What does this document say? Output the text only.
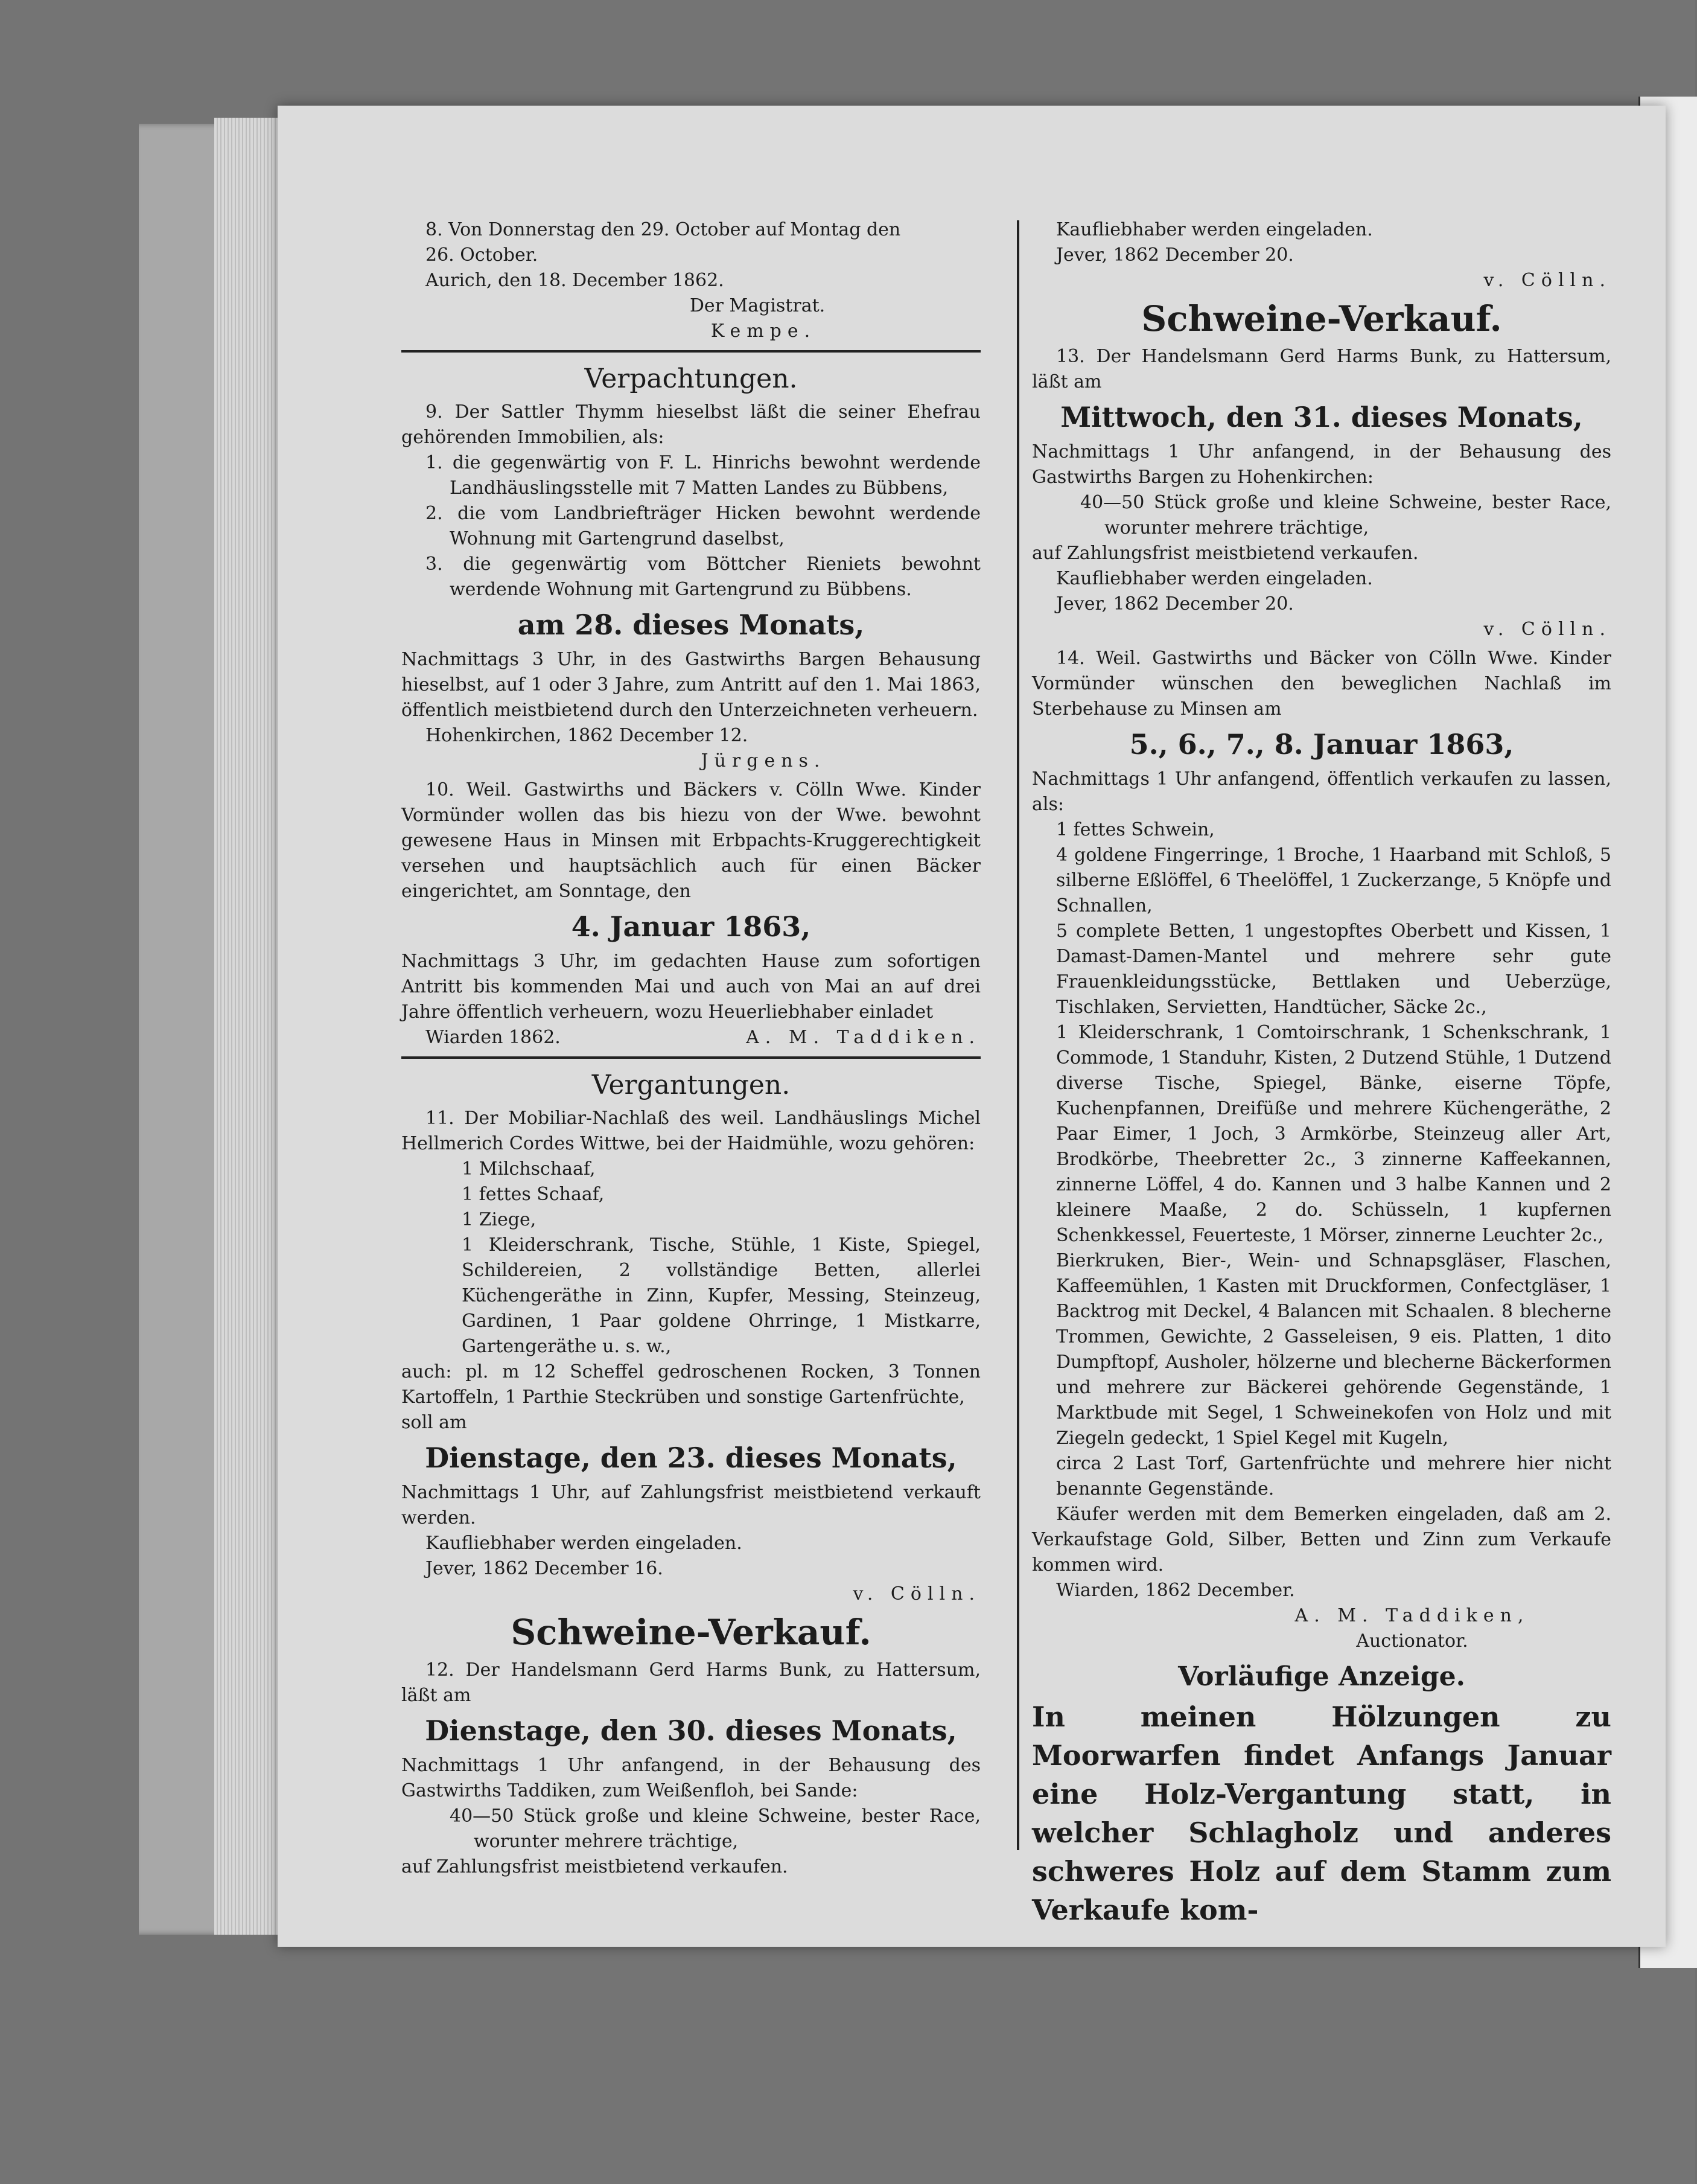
8. Von Donnerstag den 29. October auf Montag den

26. October.

Aurich, den 18. December 1862.

Der Magistrat.

Kempe.

Verpachtungen.

9. Der Sattler Thymm hieselbst läßt die seiner Ehefrau gehörenden Immobilien, als:

1. die gegenwärtig von F. L. Hinrichs bewohnt werdende Landhäuslingsstelle mit 7 Matten Landes zu Bübbens,
2. die vom Landbriefträger Hicken bewohnt werdende Wohnung mit Gartengrund daselbst,
3. die gegenwärtig vom Böttcher Rieniets bewohnt werdende Wohnung mit Gartengrund zu Bübbens.

am 28. dieses Monats,

Nachmittags 3 Uhr, in des Gastwirths Bargen Behausung hieselbst, auf 1 oder 3 Jahre, zum Antritt auf den 1. Mai 1863, öffentlich meistbietend durch den Unterzeichneten verheuern.

Hohenkirchen, 1862 December 12.

Jürgens.

10. Weil. Gastwirths und Bäckers v. Cölln Wwe. Kinder Vormünder wollen das bis hiezu von der Wwe. bewohnt gewesene Haus in Minsen mit Erbpachts-Kruggerechtigkeit versehen und hauptsächlich auch für einen Bäcker eingerichtet, am Sonntage, den

4. Januar 1863,

Nachmittags 3 Uhr, im gedachten Hause zum sofortigen Antritt bis kommenden Mai und auch von Mai an auf drei Jahre öffentlich verheuern, wozu Heuerliebhaber einladet

Wiarden 1862.	A. M. Taddiken.

Vergantungen.

11. Der Mobiliar-Nachlaß des weil. Landhäuslings Michel Hellmerich Cordes Wittwe, bei der Haidmühle, wozu gehören:

1 Milchschaaf,
1 fettes Schaaf,
1 Ziege,
1 Kleiderschrank, Tische, Stühle, 1 Kiste, Spiegel, Schildereien, 2 vollständige Betten, allerlei Küchengeräthe in Zinn, Kupfer, Messing, Steinzeug, Gardinen, 1 Paar goldene Ohrringe, 1 Mistkarre, Gartengeräthe u. s. w.,

auch: pl. m 12 Scheffel gedroschenen Rocken, 3 Tonnen Kartoffeln, 1 Parthie Steckrüben und sonstige Gartenfrüchte,

soll am

Dienstage, den 23. dieses Monats,

Nachmittags 1 Uhr, auf Zahlungsfrist meistbietend verkauft werden.

Kaufliebhaber werden eingeladen.

Jever, 1862 December 16.

v. Cölln.

Schweine-Verkauf.

12. Der Handelsmann Gerd Harms Bunk, zu Hattersum, läßt am

Dienstage, den 30. dieses Monats,

Nachmittags 1 Uhr anfangend, in der Behausung des Gastwirths Taddiken, zum Weißenfloh, bei Sande:

40—50 Stück große und kleine Schweine, bester Race, worunter mehrere trächtige,

auf Zahlungsfrist meistbietend verkaufen.

Kaufliebhaber werden eingeladen.

Jever, 1862 December 20.

v. Cölln.

Schweine-Verkauf.

13. Der Handelsmann Gerd Harms Bunk, zu Hattersum, läßt am

Mittwoch, den 31. dieses Monats,

Nachmittags 1 Uhr anfangend, in der Behausung des Gastwirths Bargen zu Hohenkirchen:

40—50 Stück große und kleine Schweine, bester Race, worunter mehrere trächtige,

auf Zahlungsfrist meistbietend verkaufen.

Kaufliebhaber werden eingeladen.

Jever, 1862 December 20.

v. Cölln.

14. Weil. Gastwirths und Bäcker von Cölln Wwe. Kinder Vormünder wünschen den beweglichen Nachlaß im Sterbehause zu Minsen am

5., 6., 7., 8. Januar 1863,

Nachmittags 1 Uhr anfangend, öffentlich verkaufen zu lassen, als:

1 fettes Schwein,
4 goldene Fingerringe, 1 Broche, 1 Haarband mit Schloß, 5 silberne Eßlöffel, 6 Theelöffel, 1 Zuckerzange, 5 Knöpfe und Schnallen,
5 complete Betten, 1 ungestopftes Oberbett und Kissen, 1 Damast-Damen-Mantel und mehrere sehr gute Frauenkleidungsstücke, Bettlaken und Ueberzüge, Tischlaken, Servietten, Handtücher, Säcke 2c.,
1 Kleiderschrank, 1 Comtoirschrank, 1 Schenkschrank, 1 Commode, 1 Standuhr, Kisten, 2 Dutzend Stühle, 1 Dutzend diverse Tische, Spiegel, Bänke, eiserne Töpfe, Kuchenpfannen, Dreifüße und mehrere Küchengeräthe, 2 Paar Eimer, 1 Joch, 3 Armkörbe, Steinzeug aller Art, Brodkörbe, Theebretter 2c., 3 zinnerne Kaffeekannen, zinnerne Löffel, 4 do. Kannen und 3 halbe Kannen und 2 kleinere Maaße, 2 do. Schüsseln, 1 kupfernen Schenkkessel, Feuerteste, 1 Mörser, zinnerne Leuchter 2c.,
Bierkruken, Bier-, Wein- und Schnapsgläser, Flaschen, Kaffeemühlen, 1 Kasten mit Druckformen, Confectgläser, 1 Backtrog mit Deckel, 4 Balancen mit Schaalen. 8 blecherne Trommen, Gewichte, 2 Gasseleisen, 9 eis. Platten, 1 dito Dumpftopf, Ausholer, hölzerne und blecherne Bäckerformen und mehrere zur Bäckerei gehörende Gegenstände, 1 Marktbude mit Segel, 1 Schweinekofen von Holz und mit Ziegeln gedeckt, 1 Spiel Kegel mit Kugeln,
circa 2 Last Torf, Gartenfrüchte und mehrere hier nicht benannte Gegenstände.

Käufer werden mit dem Bemerken eingeladen, daß am 2. Verkaufstage Gold, Silber, Betten und Zinn zum Verkaufe kommen wird.

Wiarden, 1862 December.

A. M. Taddiken,

Auctionator.

Vorläufige Anzeige.

In meinen Hölzungen zu Moorwarfen findet Anfangs Januar eine Holz-Vergantung statt, in welcher Schlagholz und anderes schweres Holz auf dem Stamm zum Verkaufe kom-
